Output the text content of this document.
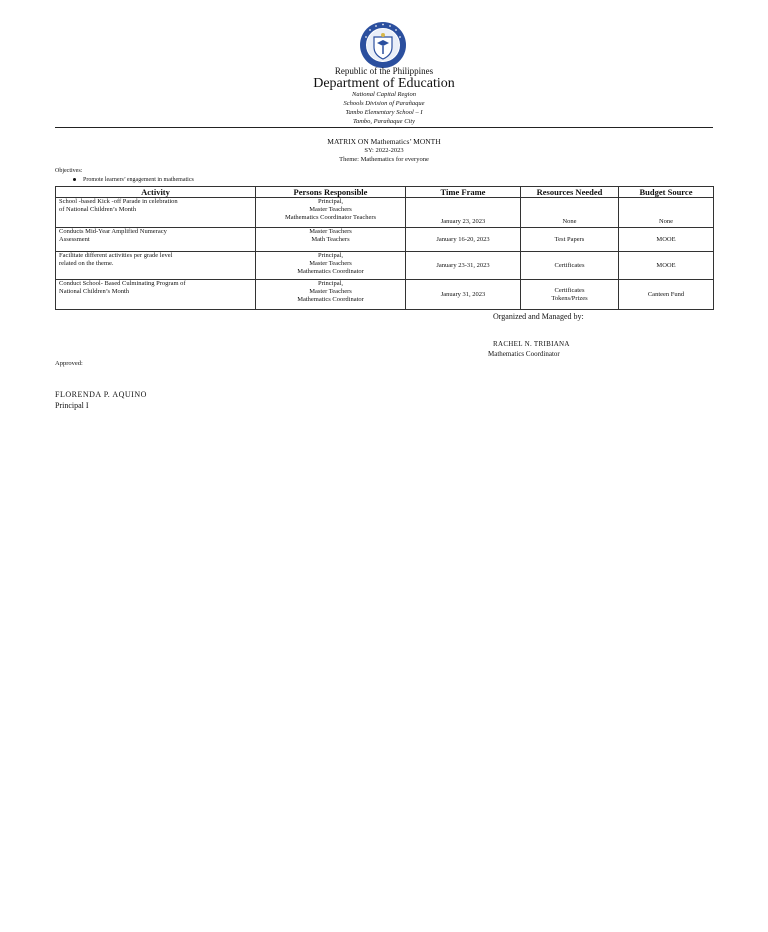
Republic of the Philippines
Department of Education
National Capital Region
Schools Division of Parañaque
Tambo Elementary School – I
Tambo, Parañaque City
MATRIX ON Mathematics’ MONTH
SY: 2022-2023
Theme: Mathematics for everyone
Objectives:
Promote learners’ engagement in mathematics
Activity	Persons Responsible	Time Frame	Resources Needed	Budget Source

School -based Kick -off Parade in celebration
of National Children’s Month	Principal,
Master Teachers
Mathematics Coordinator Teachers	January 23, 2023	None	None

Conducts Mid-Year Amplified Numeracy
Assessment	Master Teachers
Math Teachers	January 16-20, 2023	Test Papers	MOOE

Facilitate different activities per grade level
related on the theme.	Principal,
Master Teachers
Mathematics Coordinator	January 23-31, 2023	Certificates	MOOE

Conduct School- Based Culminating Program of
National Children’s Month	Principal,
Master Teachers
Mathematics Coordinator	January 31, 2023	Certificates
Tokens/Prizes	Canteen Fund
Organized and Managed by:
RACHEL N. TRIBIANA
Mathematics Coordinator
Approved:
FLORENDA P. AQUINO
Principal I
